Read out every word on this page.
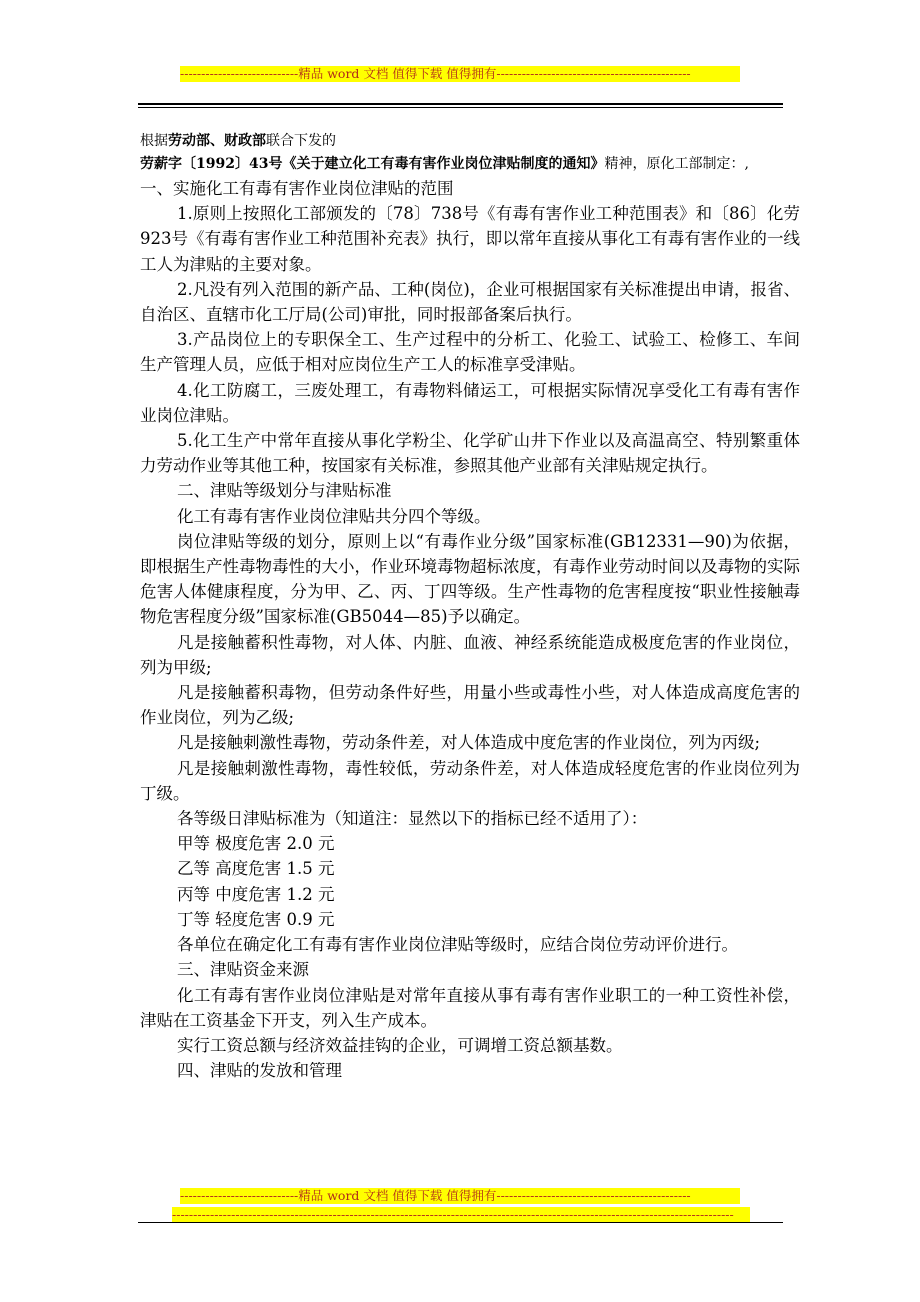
----------------------------精品 word 文档 值得下载 值得拥有----------------------------------------------

根据劳动部、财政部联合下发的劳薪字〔1992〕43号《关于建立化工有毒有害作业岗位津贴制度的通知》精神，原化工部制定：,

一、实施化工有毒有害作业岗位津贴的范围

1.原则上按照化工部颁发的〔78〕738号《有毒有害作业工种范围表》和〔86〕化劳923号《有毒有害作业工种范围补充表》执行，即以常年直接从事化工有毒有害作业的一线工人为津贴的主要对象。

2.凡没有列入范围的新产品、工种(岗位)，企业可根据国家有关标准提出申请，报省、自治区、直辖市化工厅局(公司)审批，同时报部备案后执行。

3.产品岗位上的专职保全工、生产过程中的分析工、化验工、试验工、检修工、车间生产管理人员，应低于相对应岗位生产工人的标准享受津贴。

4.化工防腐工，三废处理工，有毒物料储运工，可根据实际情况享受化工有毒有害作业岗位津贴。

5.化工生产中常年直接从事化学粉尘、化学矿山井下作业以及高温高空、特别繁重体力劳动作业等其他工种，按国家有关标准，参照其他产业部有关津贴规定执行。

二、津贴等级划分与津贴标准

化工有毒有害作业岗位津贴共分四个等级。

岗位津贴等级的划分，原则上以“有毒作业分级”国家标准(GB12331—90)为依据，即根据生产性毒物毒性的大小，作业环境毒物超标浓度，有毒作业劳动时间以及毒物的实际危害人体健康程度，分为甲、乙、丙、丁四等级。生产性毒物的危害程度按“职业性接触毒物危害程度分级”国家标准(GB5044—85)予以确定。

凡是接触蓄积性毒物，对人体、内脏、血液、神经系统能造成极度危害的作业岗位，列为甲级;

凡是接触蓄积毒物，但劳动条件好些，用量小些或毒性小些，对人体造成高度危害的作业岗位，列为乙级;

凡是接触刺激性毒物，劳动条件差，对人体造成中度危害的作业岗位，列为丙级;

凡是接触刺激性毒物，毒性较低，劳动条件差，对人体造成轻度危害的作业岗位列为丁级。

各等级日津贴标准为（知道注：显然以下的指标已经不适用了）：

甲等 极度危害 2.0 元

乙等 高度危害 1.5 元

丙等 中度危害 1.2 元

丁等 轻度危害 0.9 元

各单位在确定化工有毒有害作业岗位津贴等级时，应结合岗位劳动评价进行。

三、津贴资金来源

化工有毒有害作业岗位津贴是对常年直接从事有毒有害作业职工的一种工资性补偿，津贴在工资基金下开支，列入生产成本。

实行工资总额与经济效益挂钩的企业，可调增工资总额基数。

四、津贴的发放和管理

----------------------------精品 word 文档 值得下载 值得拥有----------------------------------------------
-------------------------------------------------------------------------------------------------------------------------------------
